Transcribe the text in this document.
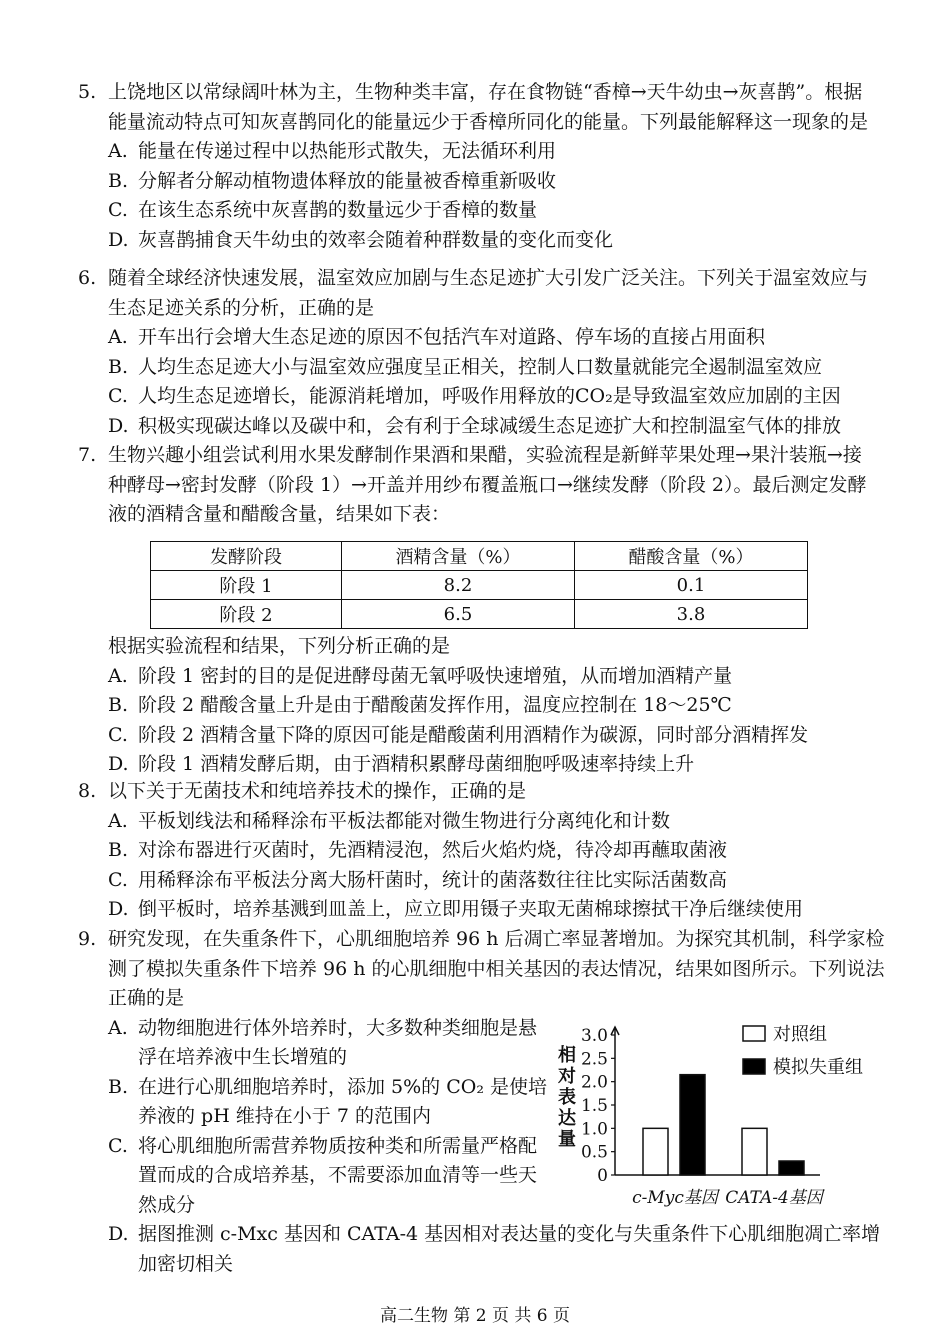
5. 上饶地区以常绿阔叶林为主，生物种类丰富，存在食物链“香樟→天牛幼虫→灰喜鹊”。根据
能量流动特点可知灰喜鹊同化的能量远少于香樟所同化的能量。下列最能解释这一现象的是
A. 能量在传递过程中以热能形式散失，无法循环利用
B. 分解者分解动植物遗体释放的能量被香樟重新吸收
C. 在该生态系统中灰喜鹊的数量远少于香樟的数量
D. 灰喜鹊捕食天牛幼虫的效率会随着种群数量的变化而变化
6. 随着全球经济快速发展，温室效应加剧与生态足迹扩大引发广泛关注。下列关于温室效应与
生态足迹关系的分析，正确的是
A. 开车出行会增大生态足迹的原因不包括汽车对道路、停车场的直接占用面积
B. 人均生态足迹大小与温室效应强度呈正相关，控制人口数量就能完全遏制温室效应
C. 人均生态足迹增长，能源消耗增加，呼吸作用释放的CO₂是导致温室效应加剧的主因
D. 积极实现碳达峰以及碳中和，会有利于全球减缓生态足迹扩大和控制温室气体的排放
7. 生物兴趣小组尝试利用水果发酵制作果酒和果醋，实验流程是新鲜苹果处理→果汁装瓶→接
种酵母→密封发酵（阶段 1）→开盖并用纱布覆盖瓶口→继续发酵（阶段 2）。最后测定发酵
液的酒精含量和醋酸含量，结果如下表：
发酵阶段	酒精含量（%）	醋酸含量（%）
阶段 1	8.2	0.1
阶段 2	6.5	3.8
根据实验流程和结果，下列分析正确的是
A. 阶段 1 密封的目的是促进酵母菌无氧呼吸快速增殖，从而增加酒精产量
B. 阶段 2 醋酸含量上升是由于醋酸菌发挥作用，温度应控制在 18～25℃
C. 阶段 2 酒精含量下降的原因可能是醋酸菌利用酒精作为碳源，同时部分酒精挥发
D. 阶段 1 酒精发酵后期，由于酒精积累酵母菌细胞呼吸速率持续上升
8. 以下关于无菌技术和纯培养技术的操作，正确的是
A. 平板划线法和稀释涂布平板法都能对微生物进行分离纯化和计数
B. 对涂布器进行灭菌时，先酒精浸泡，然后火焰灼烧，待冷却再蘸取菌液
C. 用稀释涂布平板法分离大肠杆菌时，统计的菌落数往往比实际活菌数高
D. 倒平板时，培养基溅到皿盖上，应立即用镊子夹取无菌棉球擦拭干净后继续使用
9. 研究发现，在失重条件下，心肌细胞培养 96 h 后凋亡率显著增加。为探究其机制，科学家检
测了模拟失重条件下培养 96 h 的心肌细胞中相关基因的表达情况，结果如图所示。下列说法
正确的是
A. 动物细胞进行体外培养时，大多数种类细胞是悬
浮在培养液中生长增殖的
B. 在进行心肌细胞培养时，添加 5%的 CO₂ 是使培
养液的 pH 维持在小于 7 的范围内
C. 将心肌细胞所需营养物质按种类和所需量严格配
置而成的合成培养基，不需要添加血清等一些天
然成分
D. 据图推测 c-Mxc 基因和 CATA-4 基因相对表达量的变化与失重条件下心肌细胞凋亡率增
加密切相关
3.0
2.5
2.0
1.5
1.0
0.5
0
相
对
表
达
量
c-Myc基因 CATA-4基因
对照组
模拟失重组
高二生物 第 2 页 共 6 页
